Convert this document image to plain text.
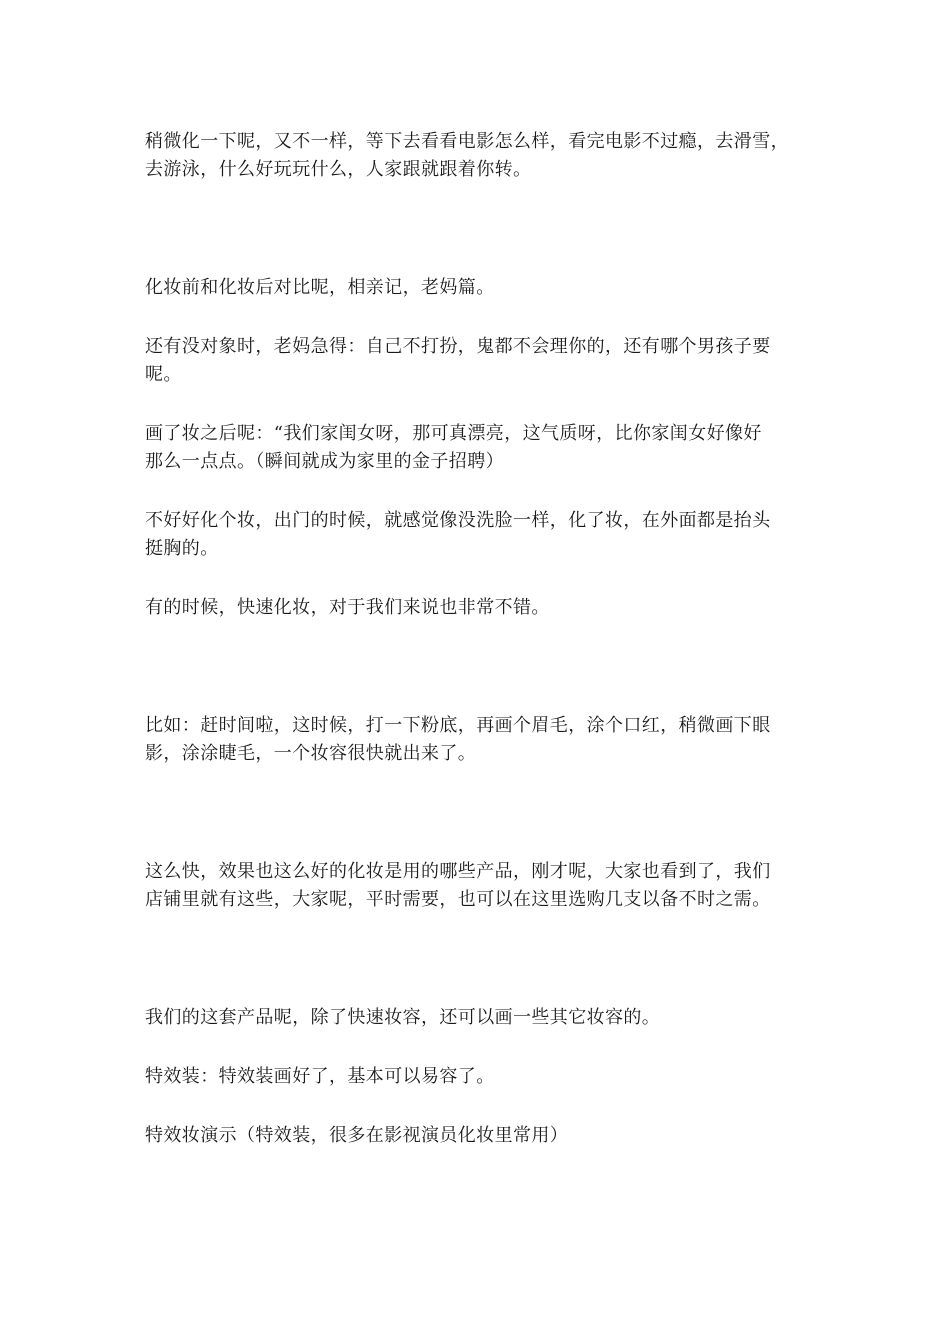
稍微化一下呢，又不一样，等下去看看电影怎么样，看完电影不过瘾，去滑雪，
去游泳，什么好玩玩什么，人家跟就跟着你转。

化妆前和化妆后对比呢，相亲记，老妈篇。

还有没对象时，老妈急得：自己不打扮，鬼都不会理你的，还有哪个男孩子要
呢。

画了妆之后呢：“我们家闺女呀，那可真漂亮，这气质呀，比你家闺女好像好
那么一点点。（瞬间就成为家里的金子招聘）

不好好化个妆，出门的时候，就感觉像没洗脸一样，化了妆，在外面都是抬头
挺胸的。

有的时候，快速化妆，对于我们来说也非常不错。

比如：赶时间啦，这时候，打一下粉底，再画个眉毛，涂个口红，稍微画下眼
影，涂涂睫毛，一个妆容很快就出来了。

这么快，效果也这么好的化妆是用的哪些产品，刚才呢，大家也看到了，我们
店铺里就有这些，大家呢，平时需要，也可以在这里选购几支以备不时之需。

我们的这套产品呢，除了快速妆容，还可以画一些其它妆容的。

特效装：特效装画好了，基本可以易容了。

特效妆演示（特效装，很多在影视演员化妆里常用）
